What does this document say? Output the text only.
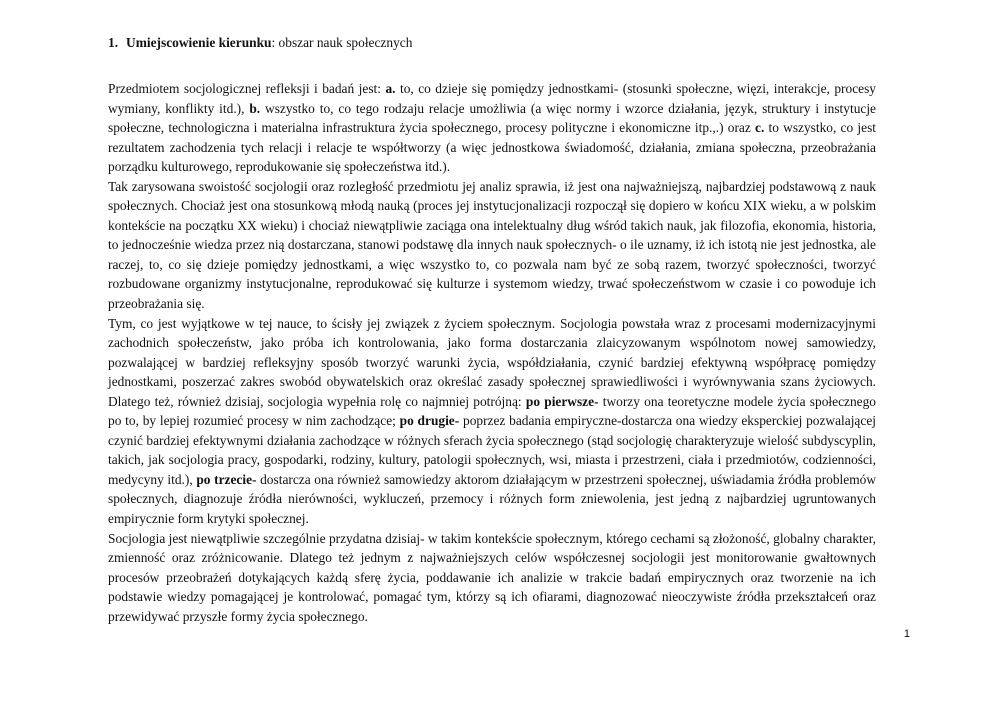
1. Umiejscowienie kierunku: obszar nauk społecznych

Przedmiotem socjologicznej refleksji i badań jest: a. to, co dzieje się pomiędzy jednostkami- (stosunki społeczne, więzi, interakcje, procesy wymiany, konflikty itd.), b. wszystko to, co tego rodzaju relacje umożliwia (a więc normy i wzorce działania, język, struktury i instytucje społeczne, technologiczna i materialna infrastruktura życia społecznego, procesy polityczne i ekonomiczne itp.,.) oraz c. to wszystko, co jest rezultatem zachodzenia tych relacji i relacje te współtworzy (a więc jednostkowa świadomość, działania, zmiana społeczna, przeobrażania porządku kulturowego, reprodukowanie się społeczeństwa itd.).

Tak zarysowana swoistość socjologii oraz rozległość przedmiotu jej analiz sprawia, iż jest ona najważniejszą, najbardziej podstawową z nauk społecznych. Chociaż jest ona stosunkową młodą nauką (proces jej instytucjonalizacji rozpoczął się dopiero w końcu XIX wieku, a w polskim kontekście na początku XX wieku) i chociaż niewątpliwie zaciąga ona intelektualny dług wśród takich nauk, jak filozofia, ekonomia, historia, to jednocześnie wiedza przez nią dostarczana, stanowi podstawę dla innych nauk społecznych- o ile uznamy, iż ich istotą nie jest jednostka, ale raczej, to, co się dzieje pomiędzy jednostkami, a więc wszystko to, co pozwala nam być ze sobą razem, tworzyć społeczności, tworzyć rozbudowane organizmy instytucjonalne, reprodukować się kulturze i systemom wiedzy, trwać społeczeństwom w czasie i co powoduje ich przeobrażania się.

Tym, co jest wyjątkowe w tej nauce, to ścisły jej związek z życiem społecznym. Socjologia powstała wraz z procesami modernizacyjnymi zachodnich społeczeństw, jako próba ich kontrolowania, jako forma dostarczania zlaicyzowanym wspólnotom nowej samowiedzy, pozwalającej w bardziej refleksyjny sposób tworzyć warunki życia, współdziałania, czynić bardziej efektywną współpracę pomiędzy jednostkami, poszerzać zakres swobód obywatelskich oraz określać zasady społecznej sprawiedliwości i wyrównywania szans życiowych. Dlatego też, również dzisiaj, socjologia wypełnia rolę co najmniej potrójną: po pierwsze- tworzy ona teoretyczne modele życia społecznego po to, by lepiej rozumieć procesy w nim zachodzące; po drugie- poprzez badania empiryczne-dostarcza ona wiedzy eksperckiej pozwalającej czynić bardziej efektywnymi działania zachodzące w różnych sferach życia społecznego (stąd socjologię charakteryzuje wielość subdyscyplin, takich, jak socjologia pracy, gospodarki, rodziny, kultury, patologii społecznych, wsi, miasta i przestrzeni, ciała i przedmiotów, codzienności, medycyny itd.), po trzecie- dostarcza ona również samowiedzy aktorom działającym w przestrzeni społecznej, uświadamia źródła problemów społecznych, diagnozuje źródła nierówności, wykluczeń, przemocy i różnych form zniewolenia, jest jedną z najbardziej ugruntowanych empirycznie form krytyki społecznej.

Socjologia jest niewątpliwie szczególnie przydatna dzisiaj- w takim kontekście społecznym, którego cechami są złożoność, globalny charakter, zmienność oraz zróżnicowanie. Dlatego też jednym z najważniejszych celów współczesnej socjologii jest monitorowanie gwałtownych procesów przeobrażeń dotykających każdą sferę życia, poddawanie ich analizie w trakcie badań empirycznych oraz tworzenie na ich podstawie wiedzy pomagającej je kontrolować, pomagać tym, którzy są ich ofiarami, diagnozować nieoczywiste źródła przekształceń oraz przewidywać przyszłe formy życia społecznego.

1
